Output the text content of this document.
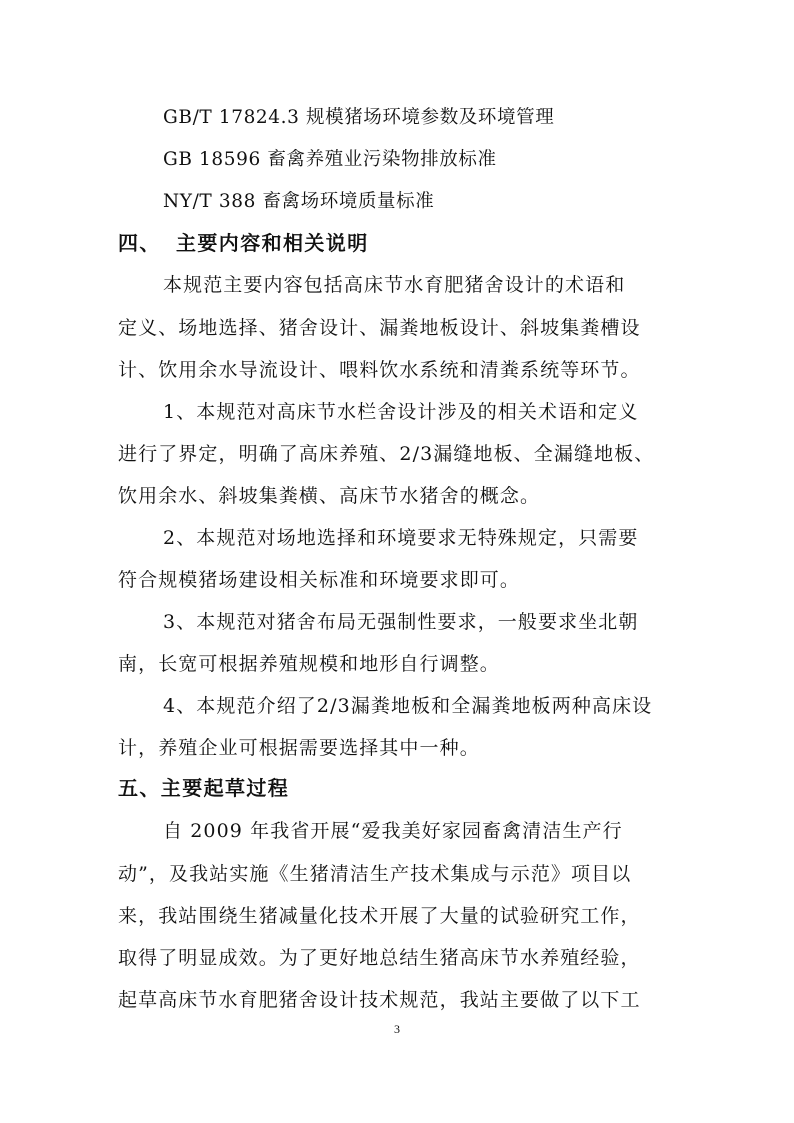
GB/T 17824.3 规模猪场环境参数及环境管理
GB 18596 畜禽养殖业污染物排放标准
NY/T 388 畜禽场环境质量标准
四、 主要内容和相关说明
本规范主要内容包括高床节水育肥猪舍设计的术语和
定义、场地选择、猪舍设计、漏粪地板设计、斜坡集粪槽设
计、饮用余水导流设计、喂料饮水系统和清粪系统等环节。
1、本规范对高床节水栏舍设计涉及的相关术语和定义
进行了界定，明确了高床养殖、2/3漏缝地板、全漏缝地板、
饮用余水、斜坡集粪横、高床节水猪舍的概念。
2、本规范对场地选择和环境要求无特殊规定，只需要
符合规模猪场建设相关标准和环境要求即可。
3、本规范对猪舍布局无强制性要求，一般要求坐北朝
南，长宽可根据养殖规模和地形自行调整。
4、本规范介绍了2/3漏粪地板和全漏粪地板两种高床设
计，养殖企业可根据需要选择其中一种。
五、主要起草过程
自 2009 年我省开展“爱我美好家园畜禽清洁生产行
动”，及我站实施《生猪清洁生产技术集成与示范》项目以
来，我站围绕生猪减量化技术开展了大量的试验研究工作，
取得了明显成效。为了更好地总结生猪高床节水养殖经验，
起草高床节水育肥猪舍设计技术规范，我站主要做了以下工
3
